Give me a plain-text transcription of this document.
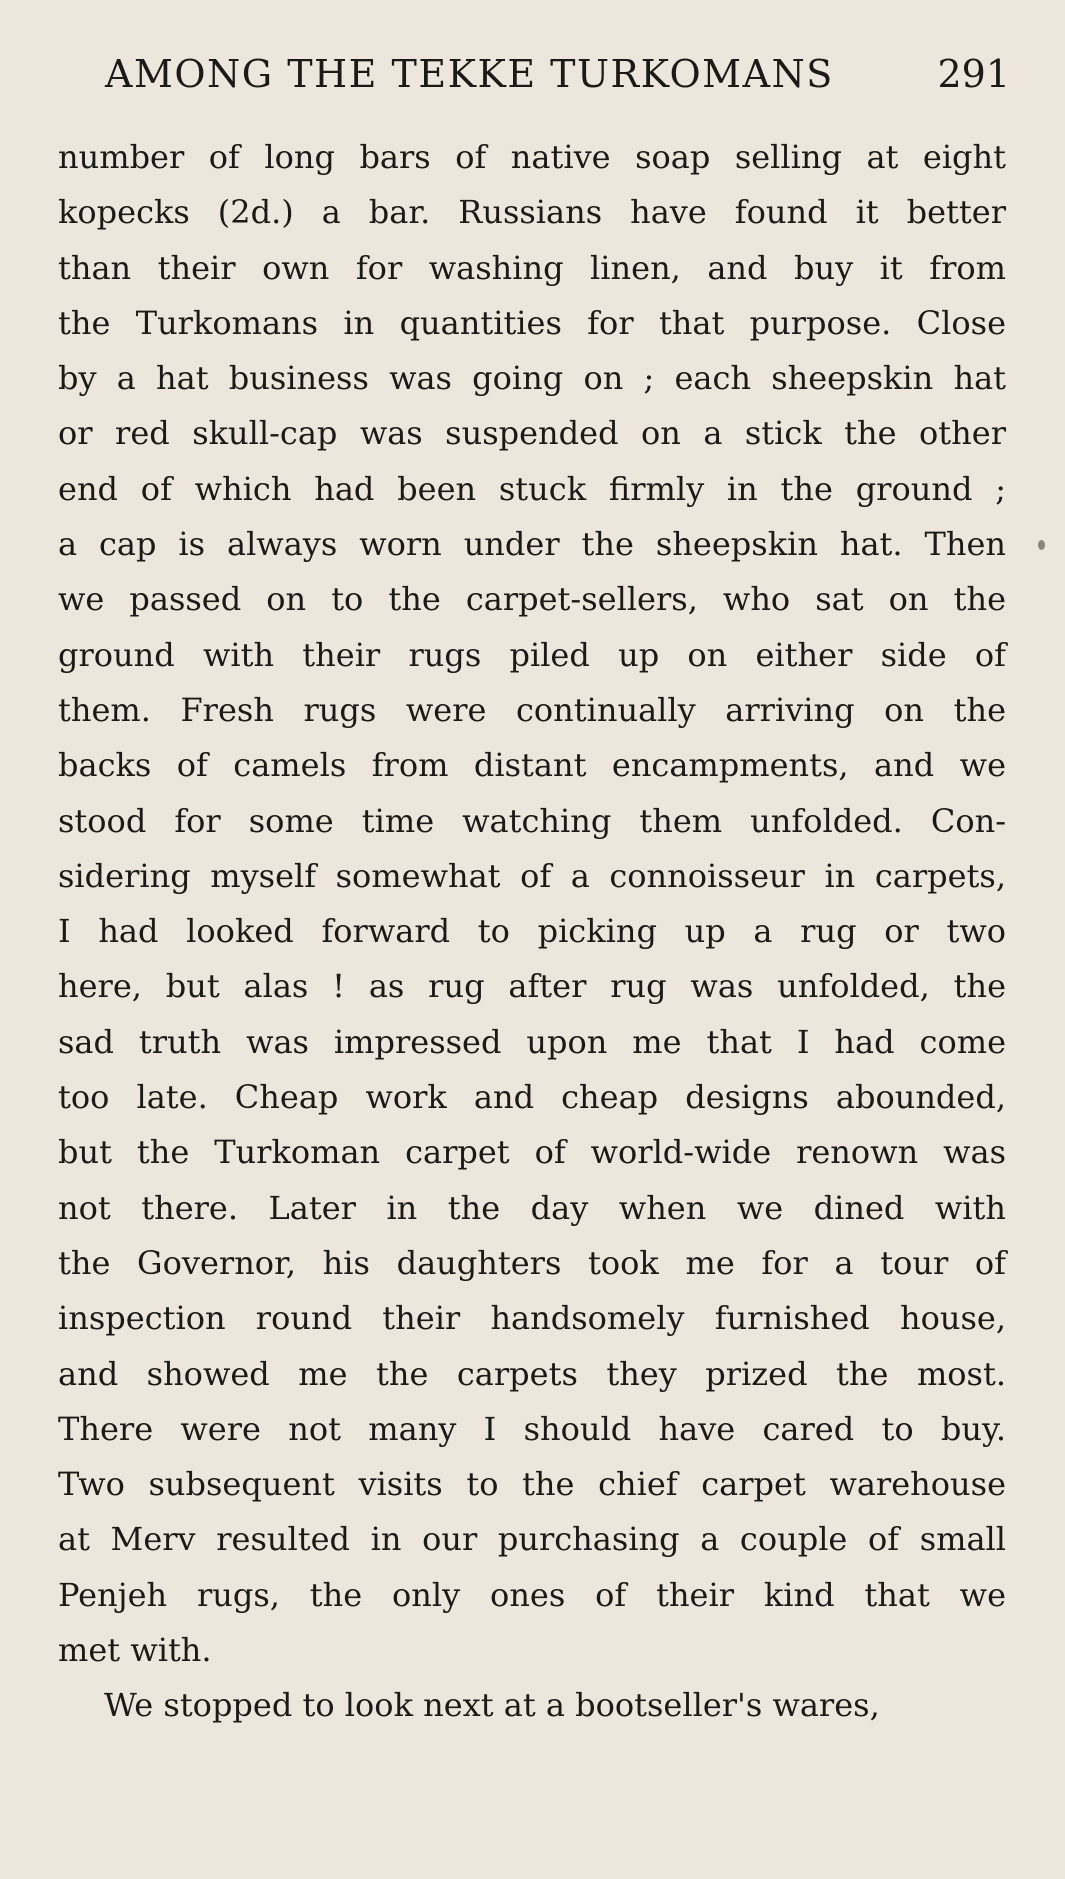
AMONG THE TEKKE TURKOMANS	291
number of long bars of native soap selling at eight
kopecks (2d.) a bar. Russians have found it better
than their own for washing linen, and buy it from
the Turkomans in quantities for that purpose. Close
by a hat business was going on ; each sheepskin hat
or red skull-cap was suspended on a stick the other
end of which had been stuck firmly in the ground ;
a cap is always worn under the sheepskin hat. Then
we passed on to the carpet-sellers, who sat on the
ground with their rugs piled up on either side of
them. Fresh rugs were continually arriving on the
backs of camels from distant encampments, and we
stood for some time watching them unfolded. Con-
sidering myself somewhat of a connoisseur in carpets,
I had looked forward to picking up a rug or two
here, but alas ! as rug after rug was unfolded, the
sad truth was impressed upon me that I had come
too late. Cheap work and cheap designs abounded,
but the Turkoman carpet of world-wide renown was
not there. Later in the day when we dined with
the Governor, his daughters took me for a tour of
inspection round their handsomely furnished house,
and showed me the carpets they prized the most.
There were not many I should have cared to buy.
Two subsequent visits to the chief carpet warehouse
at Merv resulted in our purchasing a couple of small
Penjeh rugs, the only ones of their kind that we
met with.
We stopped to look next at a bootseller's wares,
